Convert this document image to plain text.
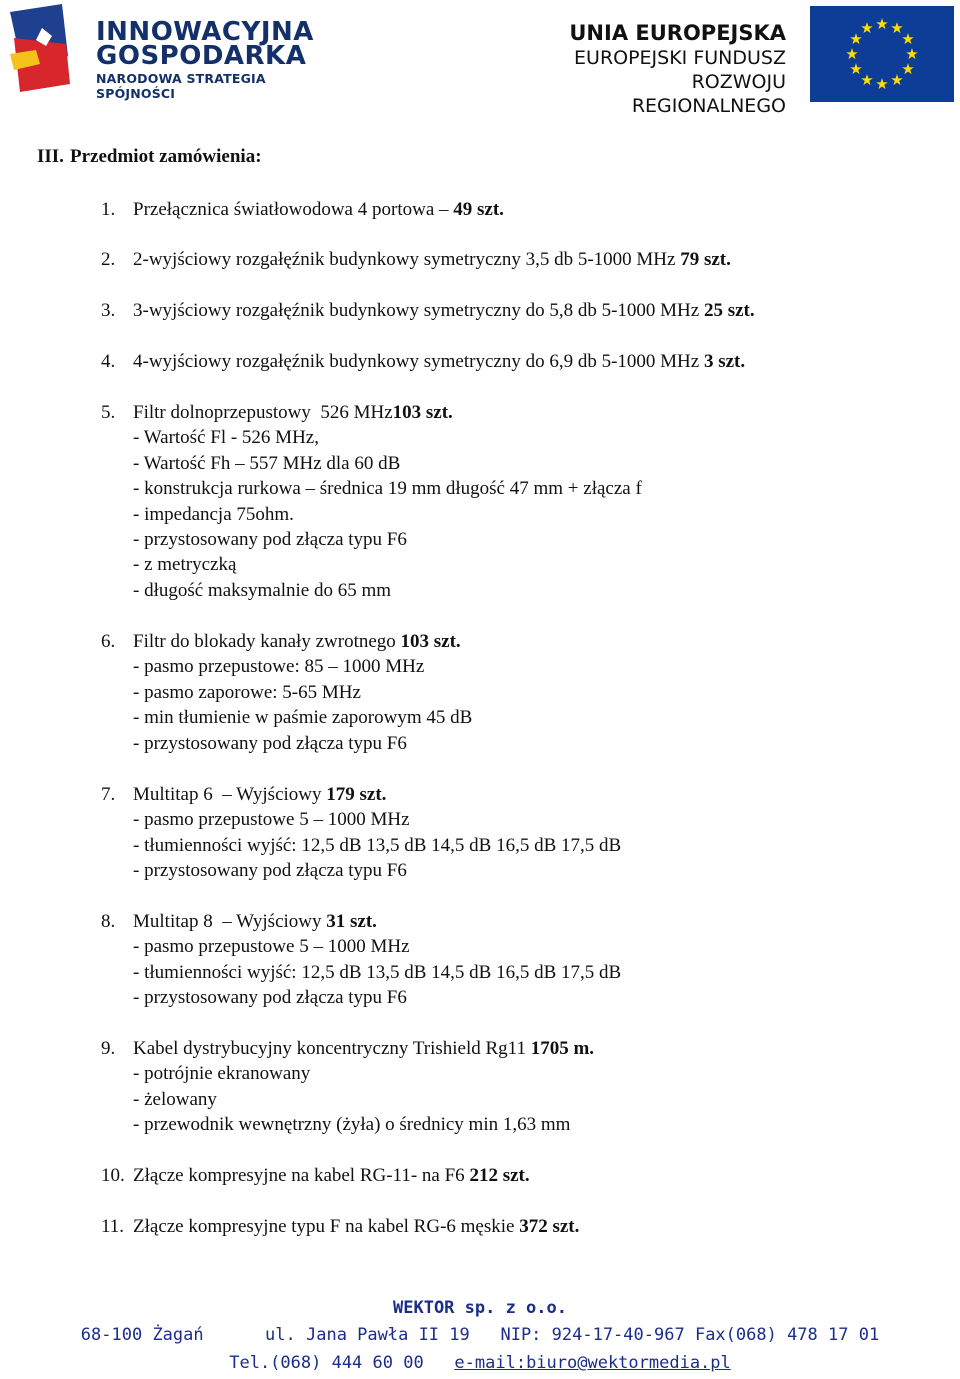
INNOWACYJNA
GOSPODARKA
NARODOWA STRATEGIA SPÓJNOŚCI
UNIA EUROPEJSKA
EUROPEJSKI FUNDUSZ
ROZWOJU REGIONALNEGO
★ ★
★
★
★
★
★
★
★
★
★
★
III. Przedmiot zamówienia:
1. Przełącznica światłowodowa 4 portowa – 49 szt.
2. 2-wyjściowy rozgałęźnik budynkowy symetryczny 3,5 db 5-1000 MHz 79 szt.
3. 3-wyjściowy rozgałęźnik budynkowy symetryczny do 5,8 db 5-1000 MHz 25 szt.
4. 4-wyjściowy rozgałęźnik budynkowy symetryczny do 6,9 db 5-1000 MHz 3 szt.
5. Filtr dolnoprzepustowy  526 MHz103 szt.
- Wartość Fl - 526 MHz,
- Wartość Fh – 557 MHz dla 60 dB
- konstrukcja rurkowa – średnica 19 mm długość 47 mm + złącza f
- impedancja 75ohm.
- przystosowany pod złącza typu F6
- z metryczką
- długość maksymalnie do 65 mm
6. Filtr do blokady kanały zwrotnego 103 szt.
- pasmo przepustowe: 85 – 1000 MHz
- pasmo zaporowe: 5-65 MHz
- min tłumienie w paśmie zaporowym 45 dB
- przystosowany pod złącza typu F6
7. Multitap 6  – Wyjściowy 179 szt.
- pasmo przepustowe 5 – 1000 MHz
- tłumienności wyjść: 12,5 dB 13,5 dB 14,5 dB 16,5 dB 17,5 dB
- przystosowany pod złącza typu F6
8. Multitap 8  – Wyjściowy 31 szt.
- pasmo przepustowe 5 – 1000 MHz
- tłumienności wyjść: 12,5 dB 13,5 dB 14,5 dB 16,5 dB 17,5 dB
- przystosowany pod złącza typu F6
9. Kabel dystrybucyjny koncentryczny Trishield Rg11 1705 m.
- potrójnie ekranowany
- żelowany
- przewodnik wewnętrzny (żyła) o średnicy min 1,63 mm
10. Złącze kompresyjne na kabel RG-11- na F6 212 szt.
11. Złącze kompresyjne typu F na kabel RG-6 męskie 372 szt.
WEKTOR sp. z o.o.
68-100 Żagań	ul. Jana Pawła II 19 NIP: 924-17-40-967 Fax(068) 478 17 01
Tel.(068) 444 60 00 e-mail:biuro@wektormedia.pl
